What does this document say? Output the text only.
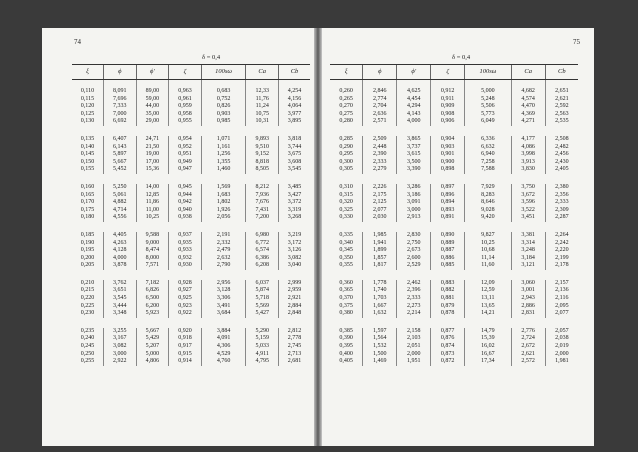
74
δ = 0,4
ξ	ϕ	ϕ'	ζ	100sω	Ca	Cb
0,110	8,091	89,00	0,963	0,683	12,33	4,254
0,115	7,696	59,00	0,961	0,752	11,76	4,156
0,120	7,333	44,00	0,959	0,826	11,24	4,064
0,125	7,000	35,00	0,958	0,903	10,75	3,977
0,130	6,692	29,00	0,955	0,985	10,31	3,895

0,135	6,407	24,71	0,954	1,071	9,893	3,818
0,140	6,143	21,50	0,952	1,161	9,510	3,744
0,145	5,897	19,00	0,951	1,256	9,152	3,675
0,150	5,667	17,00	0,949	1,355	8,818	3,608
0,155	5,452	15,36	0,947	1,460	8,505	3,545

0,160	5,250	14,00	0,945	1,569	8,212	3,485
0,165	5,061	12,85	0,944	1,683	7,936	3,427
0,170	4,882	11,86	0,942	1,802	7,676	3,372
0,175	4,714	11,00	0,940	1,926	7,431	3,319
0,180	4,556	10,25	0,938	2,056	7,200	3,268

0,185	4,405	9,588	0,937	2,191	6,980	3,219
0,190	4,263	9,000	0,935	2,332	6,772	3,172
0,195	4,128	8,474	0,933	2,479	6,574	3,126
0,200	4,000	8,000	0,932	2,632	6,386	3,082
0,205	3,878	7,571	0,930	2,790	6,208	3,040

0,210	3,762	7,182	0,928	2,956	6,037	2,999
0,215	3,651	6,826	0,927	3,128	5,874	2,959
0,220	3,545	6,500	0,925	3,306	5,718	2,921
0,225	3,444	6,200	0,923	3,491	5,569	2,884
0,230	3,348	5,923	0,922	3,684	5,427	2,848

0,235	3,255	5,667	0,920	3,884	5,290	2,812
0,240	3,167	5,429	0,918	4,091	5,159	2,778
0,245	3,082	5,207	0,917	4,306	5,033	2,745
0,250	3,000	5,000	0,915	4,529	4,911	2,713
0,255	2,922	4,806	0,914	4,760	4,795	2,681
75
δ = 0,4
ξ	ϕ	ϕ'	ζ	100sω	Ca	Cb
0,260	2,846	4,625	0,912	5,000	4,682	2,651
0,265	2,774	4,454	0,911	5,248	4,574	2,621
0,270	2,704	4,294	0,909	5,506	4,470	2,592
0,275	2,636	4,143	0,908	5,773	4,369	2,563
0,280	2,571	4,000	0,906	6,049	4,271	2,535

0,285	2,509	3,865	0,904	6,336	4,177	2,508
0,290	2,448	3,737	0,903	6,632	4,086	2,482
0,295	2,390	3,615	0,901	6,940	3,998	2,456
0,300	2,333	3,500	0,900	7,258	3,913	2,430
0,305	2,279	3,390	0,898	7,588	3,830	2,405

0,310	2,226	3,286	0,897	7,929	3,750	2,380
0,315	2,175	3,186	0,896	8,283	3,672	2,356
0,320	2,125	3,091	0,894	8,646	3,596	2,333
0,325	2,077	3,000	0,893	9,028	3,522	2,309
0,330	2,030	2,913	0,891	9,420	3,451	2,287

0,335	1,985	2,830	0,890	9,827	3,381	2,264
0,340	1,941	2,750	0,889	10,25	3,314	2,242
0,345	1,899	2,673	0,887	10,68	3,248	2,220
0,350	1,857	2,600	0,886	11,14	3,184	2,199
0,355	1,817	2,529	0,885	11,60	3,121	2,178

0,360	1,778	2,462	0,883	12,09	3,060	2,157
0,365	1,740	2,396	0,882	12,59	3,001	2,136
0,370	1,703	2,333	0,881	13,11	2,943	2,116
0,375	1,667	2,273	0,879	13,65	2,886	2,095
0,380	1,632	2,214	0,878	14,21	2,831	2,077

0,385	1,597	2,158	0,877	14,79	2,776	2,057
0,390	1,564	2,103	0,876	15,39	2,724	2,038
0,395	1,532	2,051	0,874	16,02	2,672	2,019
0,400	1,500	2,000	0,873	16,67	2,621	2,000
0,405	1,469	1,951	0,872	17,34	2,572	1,981
